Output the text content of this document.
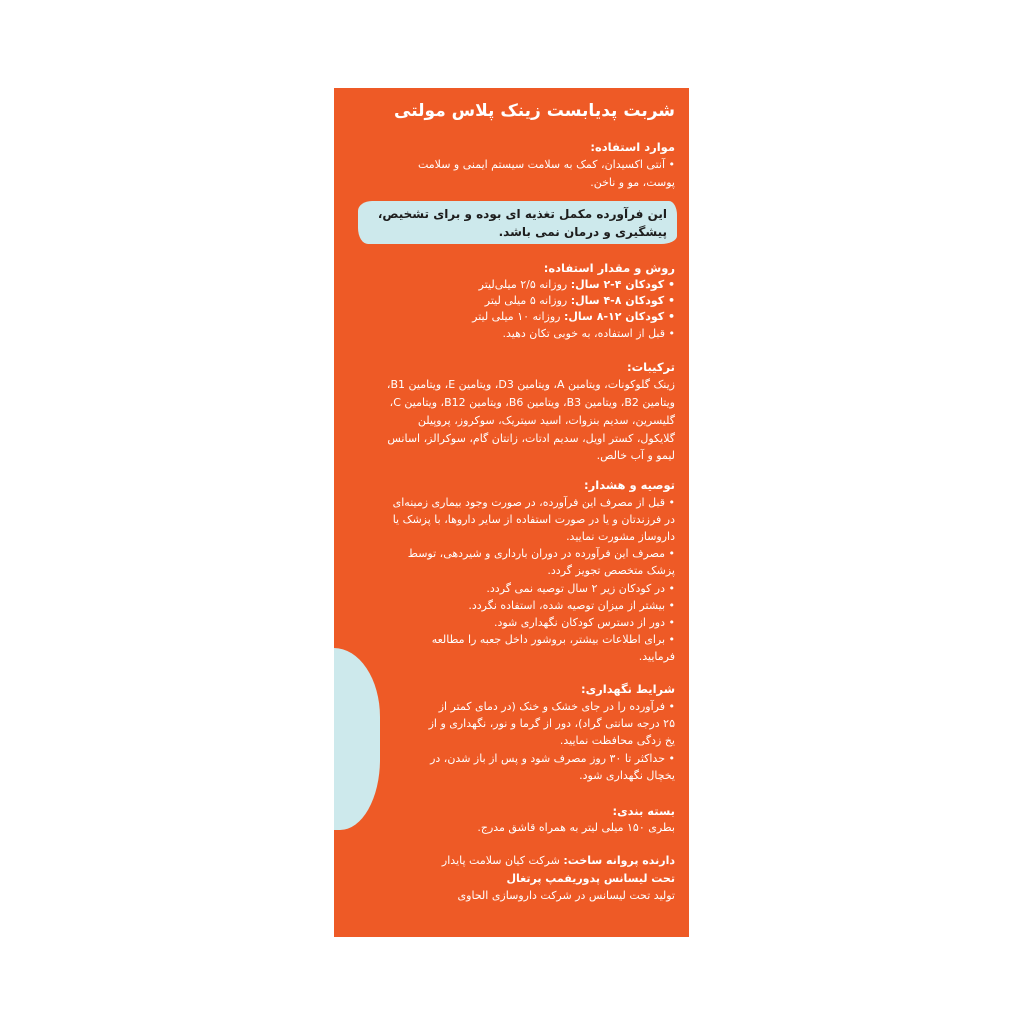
این فرآورده مکمل تغذیه ای بوده و برای تشخیص،
پیشگیری و درمان نمی باشد.
شربت پدیابست زینک پلاس مولتی
موارد استفاده:
• آنتی اکسیدان، کمک به سلامت سیستم ایمنی و سلامت
پوست، مو و ناخن.
روش و مقدار استفاده:
• کودکان ۴-۲ سال: روزانه ۲/۵ میلی‌لیتر
• کودکان ۸-۴ سال: روزانه ۵ میلی لیتر
• کودکان ۱۲-۸ سال: روزانه ۱۰ میلی لیتر
• قبل از استفاده، به خوبی تکان دهید.
ترکیبات:
زینک گلوکونات، ویتامین A، ویتامین D3، ویتامین E، ویتامین B1،
ویتامین B2، ویتامین B3، ویتامین B6، ویتامین B12، ویتامین C،
گلیسرین، سدیم بنزوات، اسید سیتریک، سوکروز، پروپیلن
گلایکول، کستر اویل، سدیم ادتات، زانتان گام، سوکرالز، اسانس
لیمو و آب خالص.
توصیه و هشدار:
• قبل از مصرف این فرآورده، در صورت وجود بیماری زمینه‌ای
در فرزندتان و یا در صورت استفاده از سایر داروها، با پزشک یا
داروساز مشورت نمایید.
• مصرف این فرآورده در دوران بارداری و شیردهی، توسط
پزشک متخصص تجویز گردد.
• در کودکان زیر ۲ سال توصیه نمی گردد.
• بیشتر از میزان توصیه شده، استفاده نگردد.
• دور از دسترس کودکان نگهداری شود.
• برای اطلاعات بیشتر، بروشور داخل جعبه را مطالعه
فرمایید.
شرایط نگهداری:
• فرآورده را در جای خشک و خنک (در دمای کمتر از
۲۵ درجه سانتی گراد)، دور از گرما و نور، نگهداری و از
یخ زدگی محافظت نمایید.
• حداکثر تا ۳۰ روز مصرف شود و پس از باز شدن، در
یخچال نگهداری شود.
بسته بندی:
بطری ۱۵۰ میلی لیتر به همراه قاشق مدرج.
دارنده پروانه ساخت: شرکت کیان سلامت پایدار
تحت لیسانس پدوریفمپ پرتغال
تولید تحت لیسانس در شرکت داروسازی الحاوی
